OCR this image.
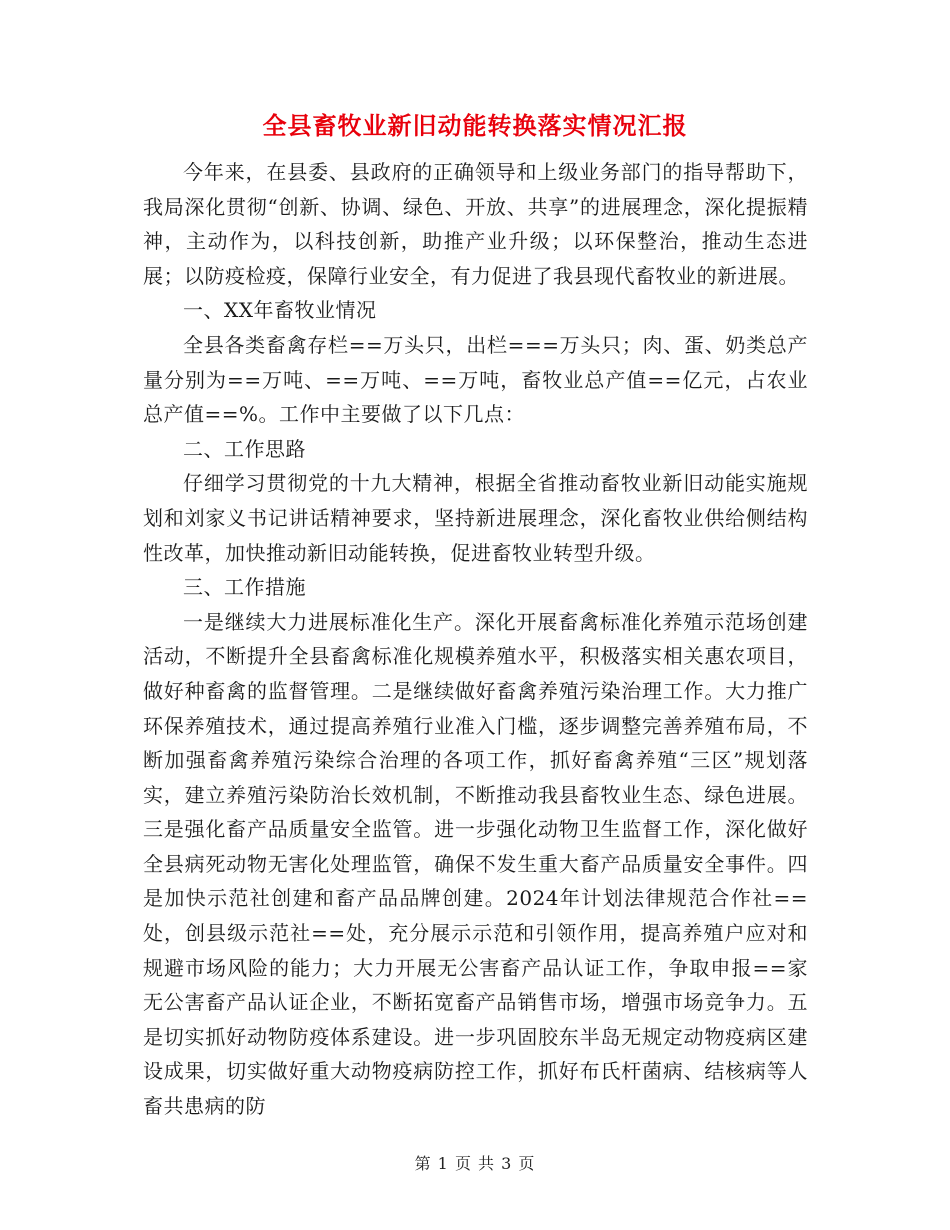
全县畜牧业新旧动能转换落实情况汇报

今年来，在县委、县政府的正确领导和上级业务部门的指导帮助下，我局深化贯彻“创新、协调、绿色、开放、共享”的进展理念，深化提振精神，主动作为，以科技创新，助推产业升级；以环保整治，推动生态进展；以防疫检疫，保障行业安全，有力促进了我县现代畜牧业的新进展。

一、XX年畜牧业情况

全县各类畜禽存栏==万头只，出栏===万头只；肉、蛋、奶类总产量分别为==万吨、==万吨、==万吨，畜牧业总产值==亿元，占农业总产值==%。工作中主要做了以下几点：

二、工作思路

仔细学习贯彻党的十九大精神，根据全省推动畜牧业新旧动能实施规划和刘家义书记讲话精神要求，坚持新进展理念，深化畜牧业供给侧结构性改革，加快推动新旧动能转换，促进畜牧业转型升级。

三、工作措施

一是继续大力进展标准化生产。深化开展畜禽标准化养殖示范场创建活动，不断提升全县畜禽标准化规模养殖水平，积极落实相关惠农项目，做好种畜禽的监督管理。二是继续做好畜禽养殖污染治理工作。大力推广环保养殖技术，通过提高养殖行业准入门槛，逐步调整完善养殖布局，不断加强畜禽养殖污染综合治理的各项工作，抓好畜禽养殖“三区”规划落实，建立养殖污染防治长效机制，不断推动我县畜牧业生态、绿色进展。三是强化畜产品质量安全监管。进一步强化动物卫生监督工作，深化做好全县病死动物无害化处理监管，确保不发生重大畜产品质量安全事件。四是加快示范社创建和畜产品品牌创建。2024年计划法律规范合作社==处，创县级示范社==处，充分展示示范和引领作用，提高养殖户应对和规避市场风险的能力；大力开展无公害畜产品认证工作，争取申报==家无公害畜产品认证企业，不断拓宽畜产品销售市场，增强市场竞争力。五是切实抓好动物防疫体系建设。进一步巩固胶东半岛无规定动物疫病区建设成果，切实做好重大动物疫病防控工作，抓好布氏杆菌病、结核病等人畜共患病的防

第 1 页 共 3 页
